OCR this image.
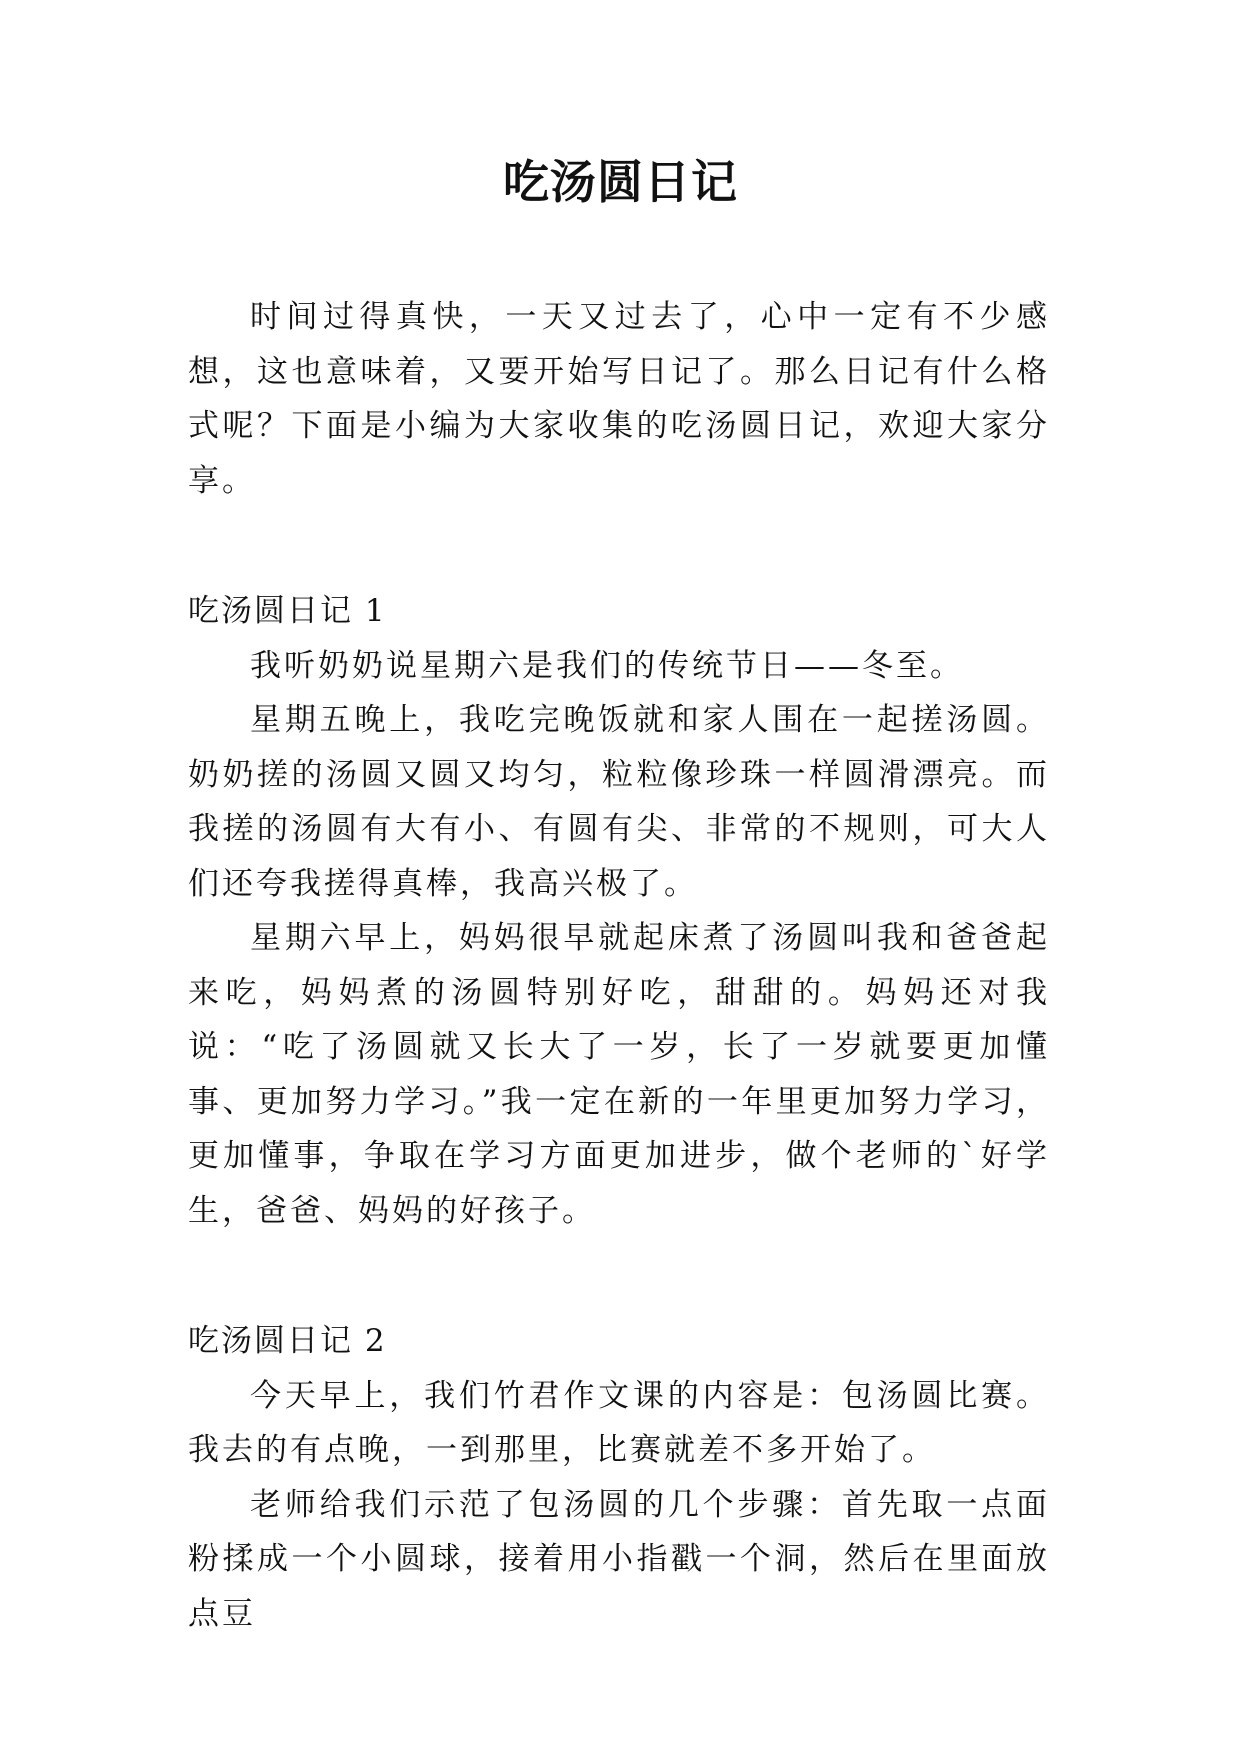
吃汤圆日记

时间过得真快，一天又过去了，心中一定有不少感想，这也意味着，又要开始写日记了。那么日记有什么格式呢？下面是小编为大家收集的吃汤圆日记，欢迎大家分享。

吃汤圆日记 1

我听奶奶说星期六是我们的传统节日——冬至。

星期五晚上，我吃完晚饭就和家人围在一起搓汤圆。奶奶搓的汤圆又圆又均匀，粒粒像珍珠一样圆滑漂亮。而我搓的汤圆有大有小、有圆有尖、非常的不规则，可大人们还夸我搓得真棒，我高兴极了。

星期六早上，妈妈很早就起床煮了汤圆叫我和爸爸起来吃，妈妈煮的汤圆特别好吃，甜甜的。妈妈还对我说：“吃了汤圆就又长大了一岁，长了一岁就要更加懂事、更加努力学习。”我一定在新的一年里更加努力学习，更加懂事，争取在学习方面更加进步，做个老师的`好学生，爸爸、妈妈的好孩子。

吃汤圆日记 2

今天早上，我们竹君作文课的内容是：包汤圆比赛。我去的有点晚，一到那里，比赛就差不多开始了。

老师给我们示范了包汤圆的几个步骤：首先取一点面粉揉成一个小圆球，接着用小指戳一个洞，然后在里面放点豆
